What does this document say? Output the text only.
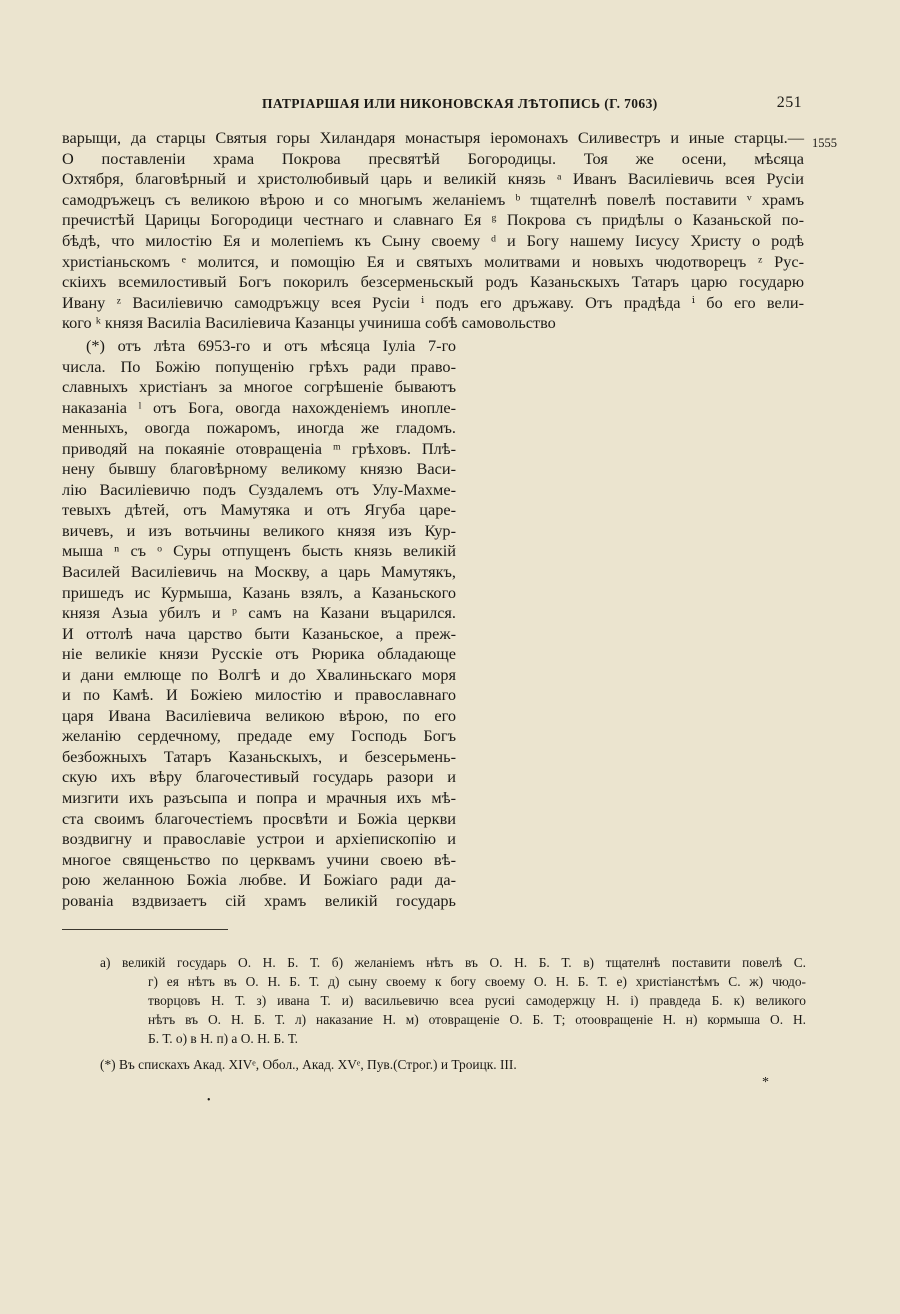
ПАТРІАРШАЯ ИЛИ НИКОНОВСКАЯ ЛѢТОПИСЬ (Г. 7063)	251
1555
варыщи, да старцы Святыя горы Хиландаря монастыря іеромонахъ Силивестръ и иные старцы.—
О поставленіи храма Покрова пресвятѣй Богородицы. Тоя же осени, мѣсяца
Охтября, благовѣрный и христолюбивый царь и великій князь ᵃ Иванъ Василіевичь всея Русіи
самодръжецъ съ великою вѣрою и со многымъ желаніемъ ᵇ тщателнѣ повелѣ поставити ᵛ храмъ
пречистѣй Царицы Богородици честнаго и славнаго Ея ᵍ Покрова съ придѣлы о Казаньской по-
бѣдѣ, что милостію Ея и молепіемъ къ Сыну своему ᵈ и Богу нашему Іисусу Христу о родѣ
христіаньскомъ ᵉ молится, и помощію Ея и святыхъ молитвами и новыхъ чюдотворецъ ᶻ Рус-
скіихъ всемилостивый Богъ покорилъ безсерменьскый родъ Казаньскыхъ Татаръ царю государю
Ивану ᶻ Василіевичю самодръжцу всея Русіи ⁱ подъ его дръжаву. Отъ прадѣда ⁱ бо его вели-
кого ᵏ князя Василіа Василіевича Казанцы учиниша собѣ самовольство
(*) отъ лѣта 6953-го и отъ мѣсяца Іуліа 7-го
числа. По Божію попущенію грѣхъ ради право-
славныхъ христіанъ за многое согрѣшеніе бываютъ
наказаніа ˡ отъ Бога, овогда нахожденіемъ инопле-
менныхъ, овогда пожаромъ, иногда же гладомъ.
приводяй на покаяніе отовращеніа ᵐ грѣховъ. Плѣ-
нену бывшу благовѣрному великому князю Васи-
лію Василіевичю подъ Суздалемъ отъ Улу-Махме-
тевыхъ дѣтей, отъ Мамутяка и отъ Ягуба царе-
вичевъ, и изъ вотьчины великого князя изъ Кур-
мыша ⁿ съ ᵒ Суры отпущенъ бысть князь великій
Василей Василіевичь на Москву, а царь Мамутякъ,
пришедъ ис Курмыша, Казань взялъ, а Казаньского
князя Азыа убилъ и ᵖ самъ на Казани въцарился.
И оттолѣ нача царство быти Казаньское, а преж-
ніе великіе князи Русскіе отъ Рюрика обладающе
и дани емлюще по Волгѣ и до Хвалиньскаго моря
и по Камѣ. И Божіею милостію и православнаго
царя Ивана Василіевича великою вѣрою, по его
желанію сердечному, предаде ему Господь Богъ
безбожныхъ Татаръ Казаньскыхъ, и безсерьмень-
скую ихъ вѣру благочестивый государь разори и
мизгити ихъ разъсыпа и попра и мрачныя ихъ мѣ-
ста своимъ благочестіемъ просвѣти и Божіа церкви
воздвигну и православіе устрои и архіепископію и
многое священьство по церквамъ учини своею вѣ-
рою желанною Божіа любве. И Божіаго ради да-
рованіа вздвизаетъ сій храмъ великій государь
а) великій государь О. Н. Б. Т. б) желаніемъ нѣтъ въ О. Н. Б. Т. в) тщателнѣ поставити повелѣ С.
г) ея нѣтъ въ О. Н. Б. Т. д) сыну своему к богу своему О. Н. Б. Т. е) христіанстѣмъ С. ж) чюдо-
творцовъ Н. Т. з) ивана Т. и) васильевичю всеа русиі самодержцу Н. і) правдеда Б. к) великого
нѣтъ въ О. Н. Б. Т. л) наказание Н. м) отовращеніе О. Б. Т; отоовращеніе Н. н) кормыша О. Н.
Б. Т. о) в Н. п) а О. Н. Б. Т.
(*) Въ спискахъ Акад. XIVᵉ, Обол., Акад. XVᵉ, Пув.(Строг.) и Троицк. III.
*
•
